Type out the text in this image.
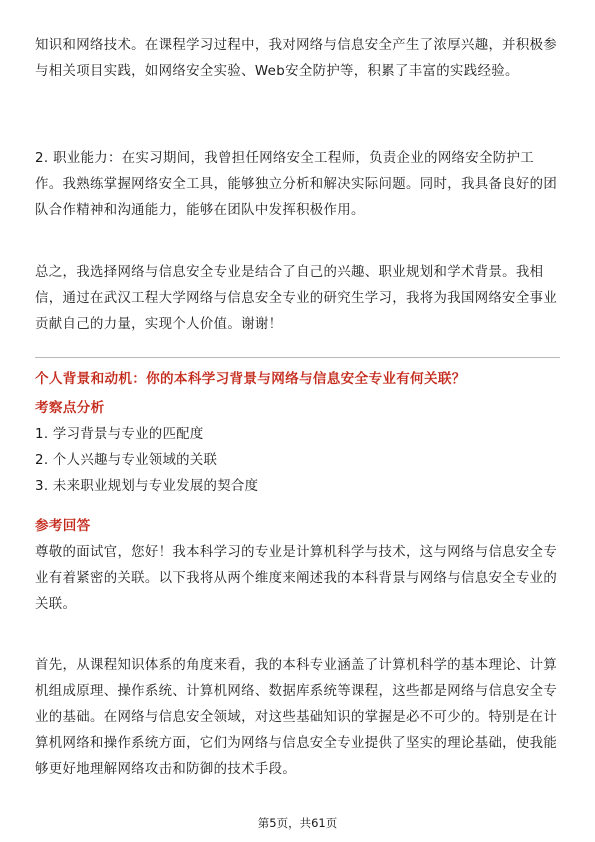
知识和网络技术。在课程学习过程中，我对网络与信息安全产生了浓厚兴趣，并积极参与相关项目实践，如网络安全实验、Web安全防护等，积累了丰富的实践经验。

2. 职业能力：在实习期间，我曾担任网络安全工程师，负责企业的网络安全防护工作。我熟练掌握网络安全工具，能够独立分析和解决实际问题。同时，我具备良好的团队合作精神和沟通能力，能够在团队中发挥积极作用。

总之，我选择网络与信息安全专业是结合了自己的兴趣、职业规划和学术背景。我相信，通过在武汉工程大学网络与信息安全专业的研究生学习，我将为我国网络安全事业贡献自己的力量，实现个人价值。谢谢！

个人背景和动机：你的本科学习背景与网络与信息安全专业有何关联？

考察点分析

1. 学习背景与专业的匹配度
2. 个人兴趣与专业领域的关联
3. 未来职业规划与专业发展的契合度

参考回答

尊敬的面试官，您好！我本科学习的专业是计算机科学与技术，这与网络与信息安全专业有着紧密的关联。以下我将从两个维度来阐述我的本科背景与网络与信息安全专业的关联。

首先，从课程知识体系的角度来看，我的本科专业涵盖了计算机科学的基本理论、计算机组成原理、操作系统、计算机网络、数据库系统等课程，这些都是网络与信息安全专业的基础。在网络与信息安全领域，对这些基础知识的掌握是必不可少的。特别是在计算机网络和操作系统方面，它们为网络与信息安全专业提供了坚实的理论基础，使我能够更好地理解网络攻击和防御的技术手段。

第5页，共61页
